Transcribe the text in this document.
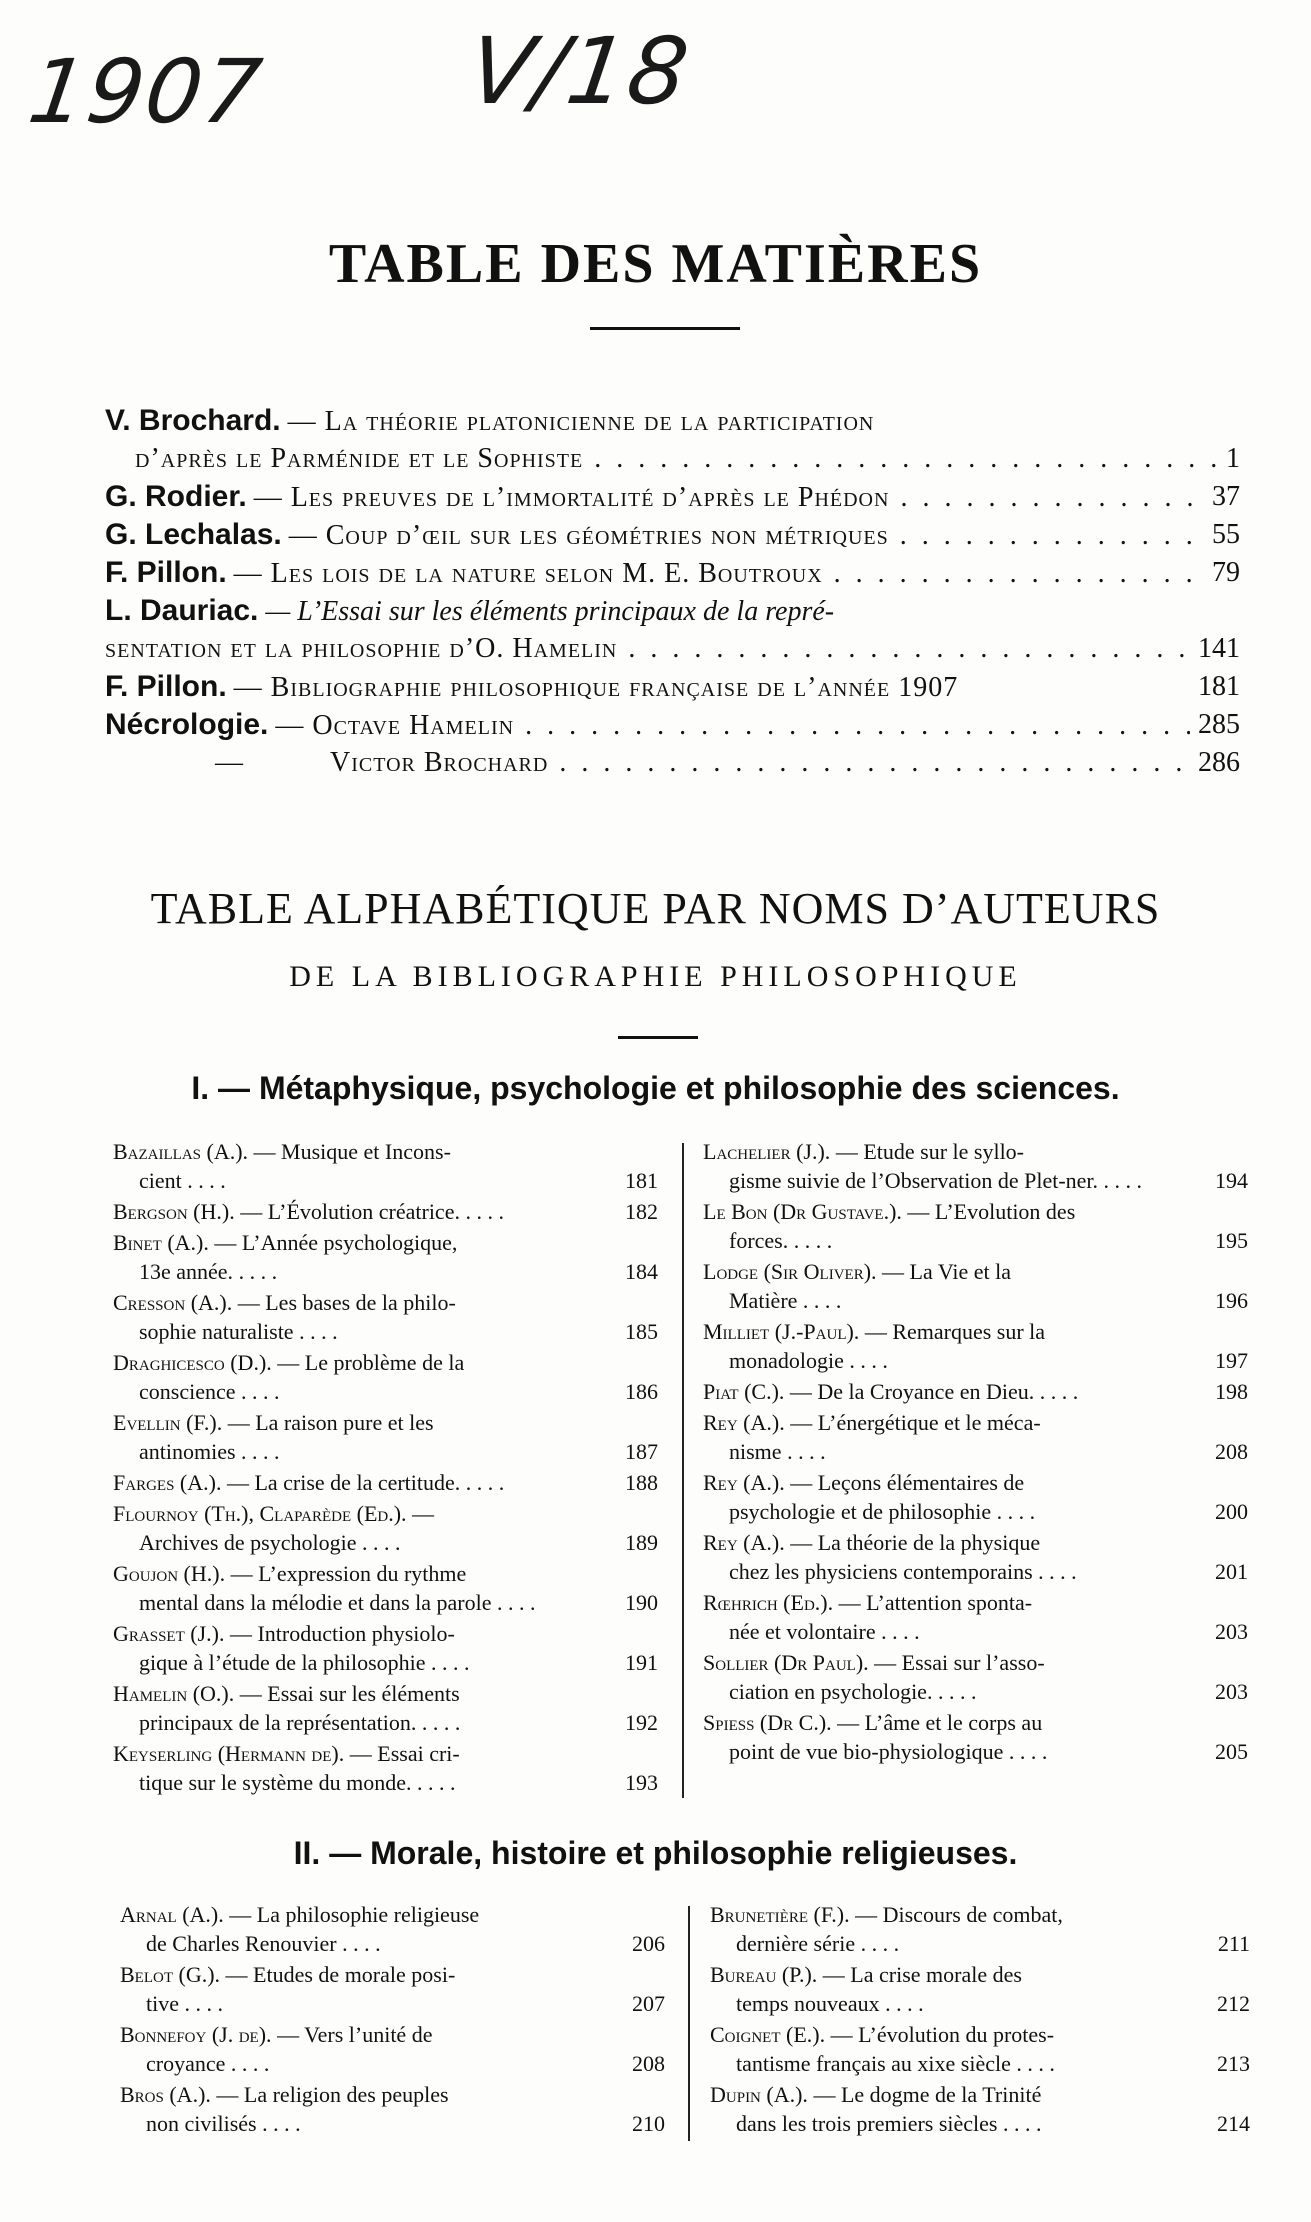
1907 V/18
TABLE DES MATIÈRES
V. Brochard. — La théorie platonicienne de la participation
d’après le Parménide et le Sophiste . . .	1
G. Rodier. — Les preuves de l’immortalité d’après le Phédon . . .	37
G. Lechalas. — Coup d’œil sur les géométries non métriques . . .	55
F. Pillon. — Les lois de la nature selon M. E. Boutroux . . .	79
L. Dauriac. — L’Essai sur les éléments principaux de la repré-
sentation et la philosophie d’O. Hamelin . . .	141
F. Pillon. — Bibliographie philosophique française de l’année 1907	181
Nécrologie. — Octave Hamelin . . .	285
—	Victor Brochard . . .	286
TABLE ALPHABÉTIQUE PAR NOMS D’AUTEURS
DE LA BIBLIOGRAPHIE PHILOSOPHIQUE
I. — Métaphysique, psychologie et philosophie des sciences.
Bazaillas (A.). — Musique et Incons-
cient . . . .	181
Bergson (H.). — L’Évolution créatrice. . . . .	182
Binet (A.). — L’Année psychologique,
13e année. . . . .	184
Cresson (A.). — Les bases de la philo-
sophie naturaliste . . . .	185
Draghicesco (D.). — Le problème de la
conscience . . . .	186
Evellin (F.). — La raison pure et les
antinomies . . . .	187
Farges (A.). — La crise de la certitude. . . . .	188
Flournoy (Th.), Claparède (Ed.). —
Archives de psychologie . . . .	189
Goujon (H.). — L’expression du rythme
mental dans la mélodie et dans la parole . . . .	190
Grasset (J.). — Introduction physiolo-
gique à l’étude de la philosophie . . . .	191
Hamelin (O.). — Essai sur les éléments
principaux de la représentation. . . . .	192
Keyserling (Hermann de). — Essai cri-
tique sur le système du monde. . . . .	193
Lachelier (J.). — Etude sur le syllo-
gisme suivie de l’Observation de Plet-ner. . . . .	194
Le Bon (Dr Gustave.). — L’Evolution des
forces. . . . .	195
Lodge (Sir Oliver). — La Vie et la
Matière . . . .	196
Milliet (J.-Paul). — Remarques sur la
monadologie . . . .	197
Piat (C.). — De la Croyance en Dieu. . . . .	198
Rey (A.). — L’énergétique et le méca-
nisme . . . .	208
Rey (A.). — Leçons élémentaires de
psychologie et de philosophie . . . .	200
Rey (A.). — La théorie de la physique
chez les physiciens contemporains . . . .	201
Rœhrich (Ed.). — L’attention sponta-
née et volontaire . . . .	203
Sollier (Dr Paul). — Essai sur l’asso-
ciation en psychologie. . . . .	203
Spiess (Dr C.). — L’âme et le corps au
point de vue bio-physiologique . . . .	205
II. — Morale, histoire et philosophie religieuses.
Arnal (A.). — La philosophie religieuse
de Charles Renouvier . . . .	206
Belot (G.). — Etudes de morale posi-
tive . . . .	207
Bonnefoy (J. de). — Vers l’unité de
croyance . . . .	208
Bros (A.). — La religion des peuples
non civilisés . . . .	210
Brunetière (F.). — Discours de combat,
dernière série . . . .	211
Bureau (P.). — La crise morale des
temps nouveaux . . . .	212
Coignet (E.). — L’évolution du protes-
tantisme français au xixe siècle . . . .	213
Dupin (A.). — Le dogme de la Trinité
dans les trois premiers siècles . . . .	214
